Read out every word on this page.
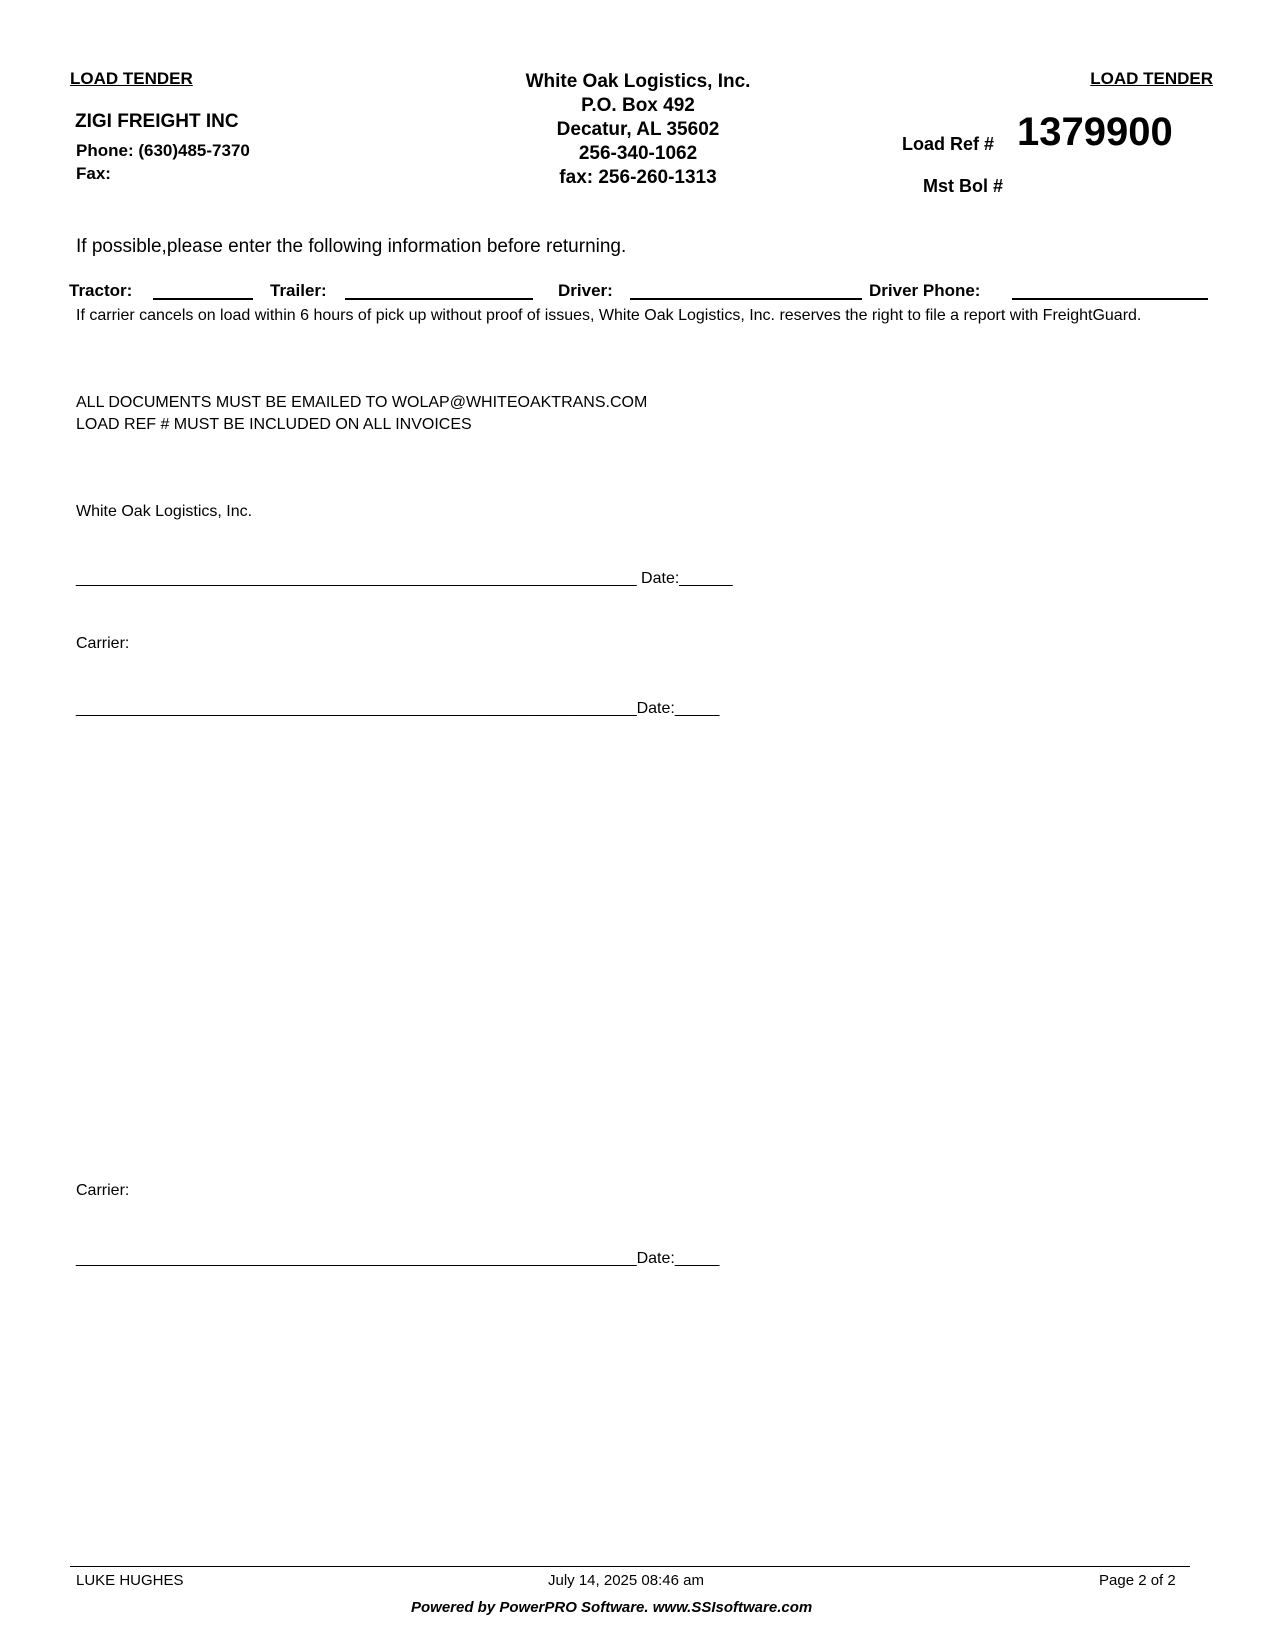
LOAD TENDER	LOAD TENDER
ZIGI FREIGHT INC
Phone: (630)485-7370
Fax:
White Oak Logistics, Inc.
P.O. Box 492
Decatur, AL 35602
256-340-1062
fax: 256-260-1313
Load Ref # 1379900
Mst Bol #
If possible,please enter the following information before returning.
Tractor:	Trailer:	Driver:	Driver Phone:
If carrier cancels on load within 6 hours of pick up without proof of issues, White Oak Logistics, Inc. reserves the right to file a report with FreightGuard.
ALL DOCUMENTS MUST BE EMAILED TO WOLAP@WHITEOAKTRANS.COM
LOAD REF # MUST BE INCLUDED ON ALL INVOICES
White Oak Logistics, Inc.
_______________________________________________________________ Date:______
Carrier:
_______________________________________________________________Date:_____
Carrier:
_______________________________________________________________Date:_____
LUKE HUGHES	July 14, 2025 08:46 am	Page 2 of 2
Powered by PowerPRO Software. www.SSIsoftware.com
